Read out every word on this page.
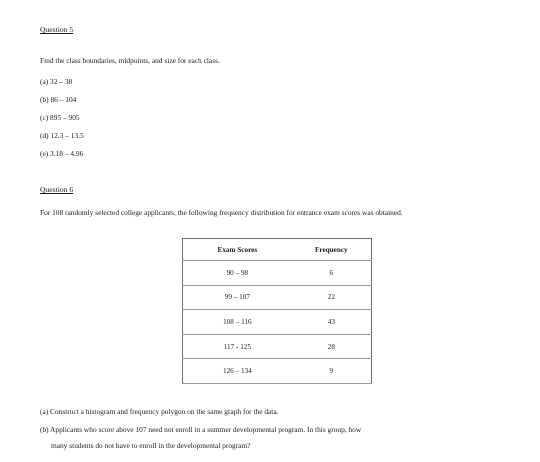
Question 5
Find the class boundaries, midpoints, and size for each class.
(a) 32 – 38
(b) 86 – 104
(c) 895 – 905
(d) 12.3 – 13.5
(e) 3.18 – 4.96
Question 6
For 108 randomly selected college applicants, the following frequency distribution for entrance exam scores was obtained.
Exam Scores	Frequency
90 – 98	6
99 – 107	22
108 – 116	43
117 - 125	28
126 – 134	9
(a) Construct a histogram and frequency polygon on the same graph for the data.
(b) Applicants who score above 107 need not enroll in a summer developmental program. In this group, how
many students do not have to enroll in the developmental program?
